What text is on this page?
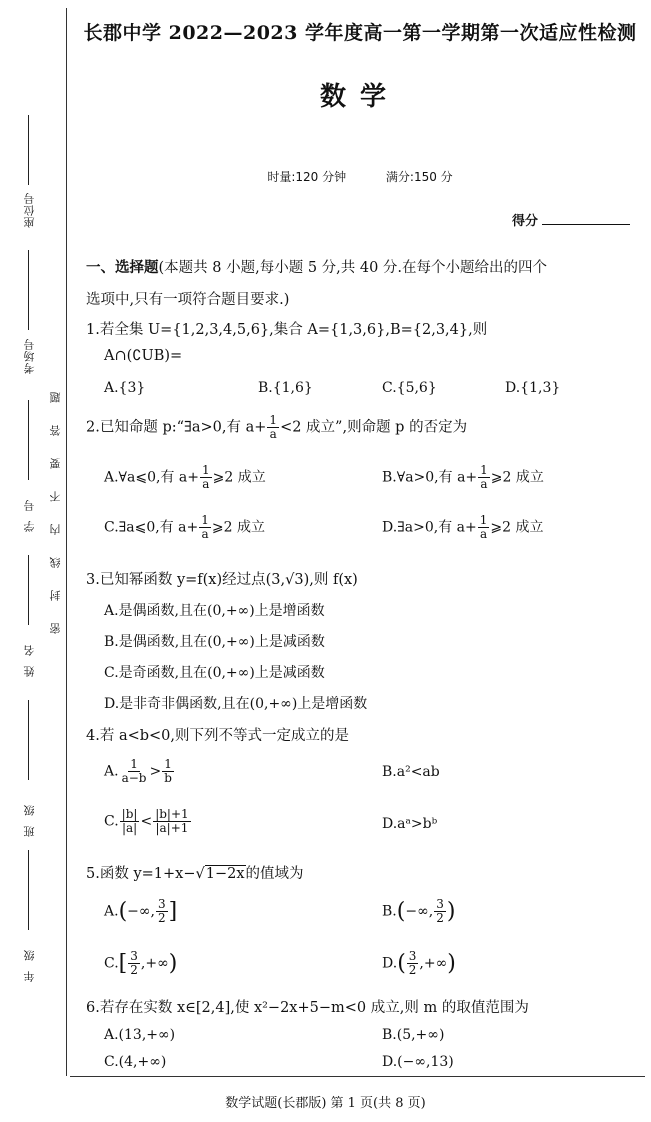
座位号
考场号
学号
姓名
班级
年级
密封线内不要答题
长郡中学 2022—2023 学年度高一第一学期第一次适应性检测
数学
时量:120 分钟	满分:150 分
得分
一、选择题(本题共 8 小题,每小题 5 分,共 40 分.在每个小题给出的四个
选项中,只有一项符合题目要求.)
1.若全集 U={1,2,3,4,5,6},集合 A={1,3,6},B={2,3,4},则
A∩(∁UB)=
A.{3}	B.{1,6}	C.{5,6}	D.{1,3}
2.已知命题 p:“∃a>0,有 $a+ \frac{1}{a} <2$ 成立”,则命题 p 的否定为
A.∀a⩽0,有 $a+ \frac{1}{a}$ ⩾2 成立	B.∀a>0,有 $a+ \frac{1}{a}$ ⩾2 成立
C.∃a⩽0,有 $a+ \frac{1}{a}$ ⩾2 成立	D.∃a>0,有 $a+ \frac{1}{a}$ ⩾2 成立
3.已知幂函数 y=f(x)经过点(3,√3),则 f(x)
A.是偶函数,且在(0,+∞)上是增函数
B.是偶函数,且在(0,+∞)上是减函数
C.是奇函数,且在(0,+∞)上是减函数
D.是非奇非偶函数,且在(0,+∞)上是增函数
4.若 a<b<0,则下列不等式一定成立的是
A. $\frac{1}{a-b} > \frac{1}{b}$	B.a²<ab
C. $\frac{|b|}{|a|} < \frac{|b|+1}{|a|+1}$	D.aᵃ>bᵇ
5.函数 y=1+x−√1−2x的值域为
A.(−∞, $\frac{3}{2}$ ]	B.(−∞, $\frac{3}{2}$ )
$C.[ \frac{3}{2}$ ,+∞)	$D.( \frac{3}{2}$ ,+∞)
6.若存在实数 x∈[2,4],使 x²−2x+5−m<0 成立,则 m 的取值范围为
A.(13,+∞)	B.(5,+∞)
C.(4,+∞)	D.(−∞,13)
数学试题(长郡版) 第 1 页(共 8 页)
